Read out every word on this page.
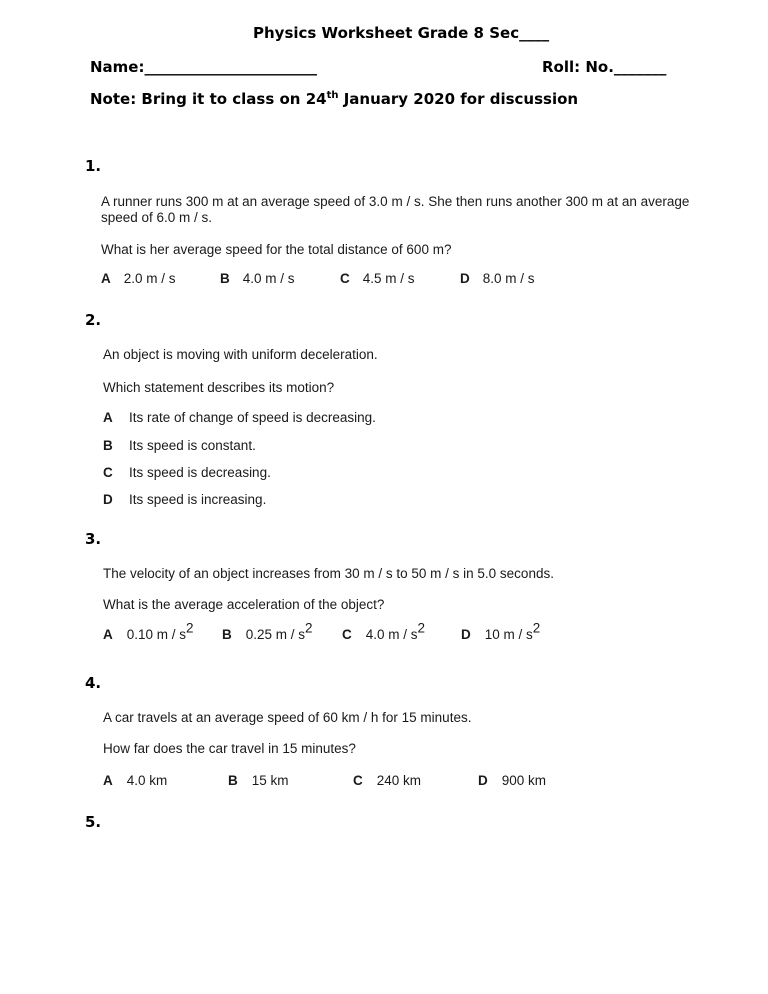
Physics Worksheet Grade 8 Sec____
Name:_______________________	Roll: No._______
Note: Bring it to class on 24th January 2020 for discussion
1.
A runner runs 300 m at an average speed of 3.0 m / s. She then runs another 300 m at an average
speed of 6.0 m / s.
What is her average speed for the total distance of 600 m?
A 2.0 m / s	B 4.0 m / s	C 4.5 m / s	D 8.0 m / s
2.
An object is moving with uniform deceleration.
Which statement describes its motion?
A Its rate of change of speed is decreasing.
B Its speed is constant.
C Its speed is decreasing.
D Its speed is increasing.
3.
The velocity of an object increases from 30 m / s to 50 m / s in 5.0 seconds.
What is the average acceleration of the object?
A 0.10 m / $s^2$ B 0.25 m / $s^2$ C 4.0 m / $s^2$	D 10 m / $s^2$
4.
A car travels at an average speed of 60 km / h for 15 minutes.
How far does the car travel in 15 minutes?
A 4.0 km	B 15 km	C 240 km	D 900 km
5.
